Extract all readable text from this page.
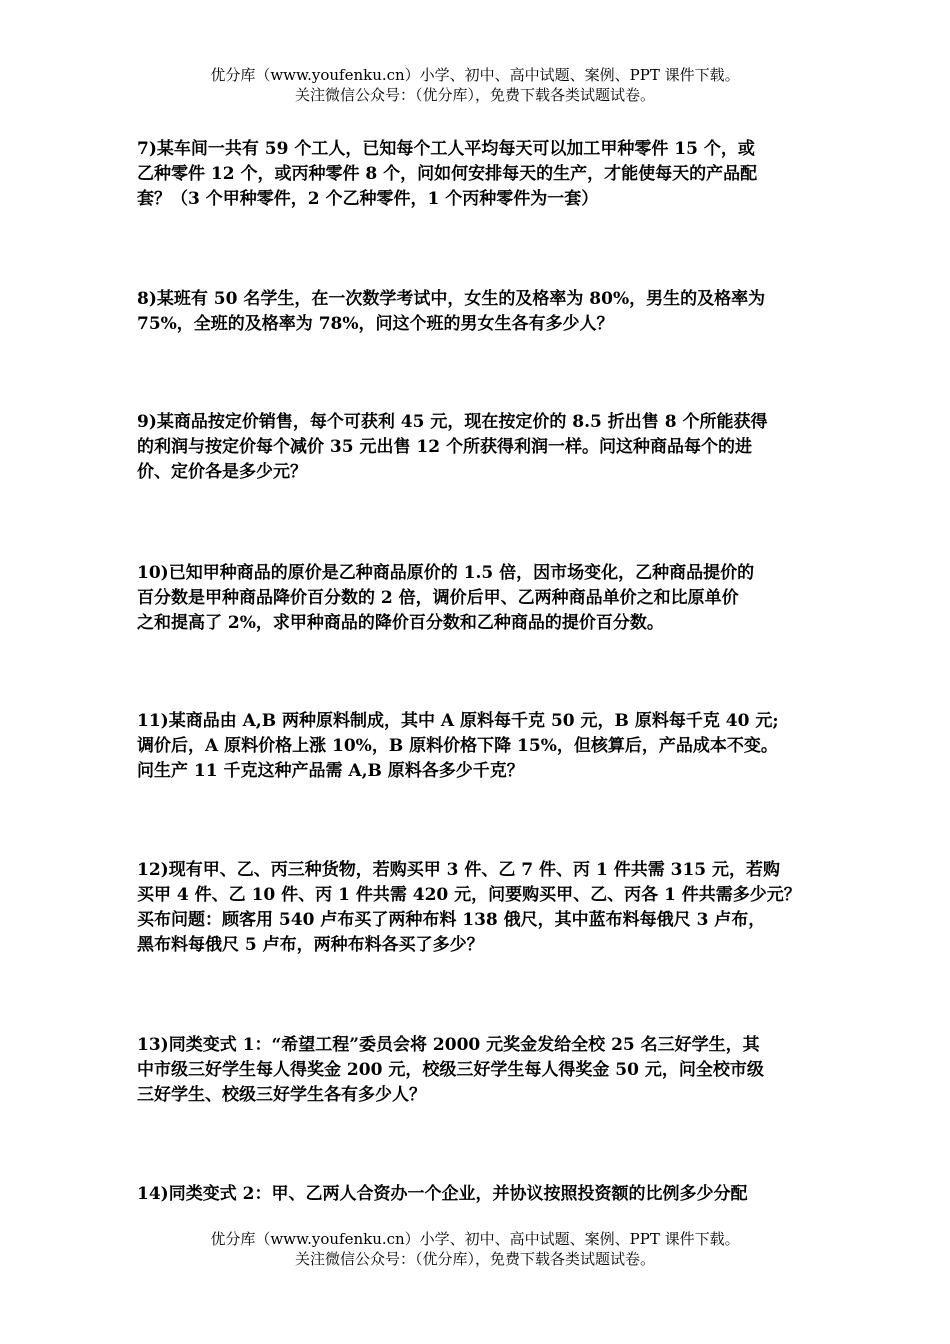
优分库（www.youfenku.cn）小学、初中、高中试题、案例、PPT 课件下载。
关注微信公众号：（优分库），免费下载各类试题试卷。

7)某车间一共有 59 个工人，已知每个工人平均每天可以加工甲种零件 15 个，或

乙种零件 12 个，或丙种零件 8 个，问如何安排每天的生产，才能使每天的产品配

套？（3 个甲种零件，2 个乙种零件，1 个丙种零件为一套）

8)某班有 50 名学生，在一次数学考试中，女生的及格率为 80%，男生的及格率为

75%，全班的及格率为 78%，问这个班的男女生各有多少人？

9)某商品按定价销售，每个可获利 45 元，现在按定价的 8.5 折出售 8 个所能获得

的利润与按定价每个减价 35 元出售 12 个所获得利润一样。问这种商品每个的进

价、定价各是多少元？

10)已知甲种商品的原价是乙种商品原价的 1.5 倍，因市场变化，乙种商品提价的

百分数是甲种商品降价百分数的 2 倍，调价后甲、乙两种商品单价之和比原单价

之和提高了 2%，求甲种商品的降价百分数和乙种商品的提价百分数。

11)某商品由 A,B 两种原料制成，其中 A 原料每千克 50 元，B 原料每千克 40 元;

调价后，A 原料价格上涨 10%，B 原料价格下降 15%，但核算后，产品成本不变。

问生产 11 千克这种产品需 A,B 原料各多少千克？

12)现有甲、乙、丙三种货物，若购买甲 3 件、乙 7 件、丙 1 件共需 315 元，若购

买甲 4 件、乙 10 件、丙 1 件共需 420 元，问要购买甲、乙、丙各 1 件共需多少元？

买布问题：顾客用 540 卢布买了两种布料 138 俄尺，其中蓝布料每俄尺 3 卢布，

黑布料每俄尺 5 卢布，两种布料各买了多少？

13)同类变式 1：“希望工程”委员会将 2000 元奖金发给全校 25 名三好学生，其

中市级三好学生每人得奖金 200 元，校级三好学生每人得奖金 50 元，问全校市级

三好学生、校级三好学生各有多少人？

14)同类变式 2：甲、乙两人合资办一个企业，并协议按照投资额的比例多少分配

优分库（www.youfenku.cn）小学、初中、高中试题、案例、PPT 课件下载。
关注微信公众号：（优分库），免费下载各类试题试卷。
